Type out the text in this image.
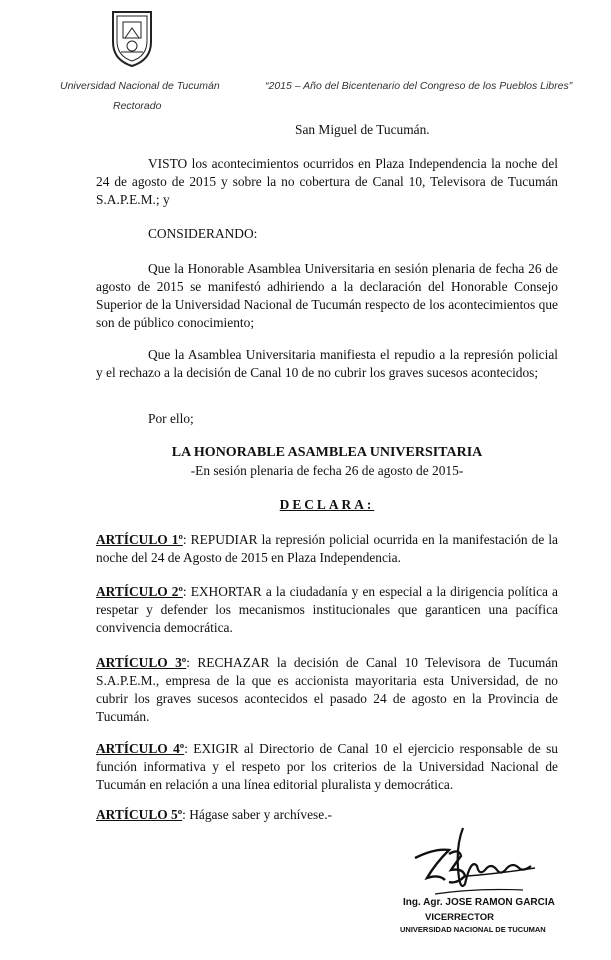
Universidad Nacional de Tucumán	“2015 – Año del Bicentenario del Congreso de los Pueblos Libres”
Rectorado
San Miguel de Tucumán.
VISTO los acontecimientos ocurridos en Plaza Independencia la noche del 24 de agosto de 2015 y sobre la no cobertura de Canal 10, Televisora de Tucumán S.A.P.E.M.; y
CONSIDERANDO:
Que la Honorable Asamblea Universitaria en sesión plenaria de fecha 26 de agosto de 2015 se manifestó adhiriendo a la declaración del Honorable Consejo Superior de la Universidad Nacional de Tucumán respecto de los acontecimientos que son de público conocimiento;
Que la Asamblea Universitaria manifiesta el repudio a la represión policial y el rechazo a la decisión de Canal 10 de no cubrir los graves sucesos acontecidos;
Por ello;
LA HONORABLE ASAMBLEA UNIVERSITARIA
-En sesión plenaria de fecha 26 de agosto de 2015-
DECLARA:
ARTÍCULO 1º: REPUDIAR la represión policial ocurrida en la manifestación de la noche del 24 de Agosto de 2015 en Plaza Independencia.
ARTÍCULO 2º: EXHORTAR a la ciudadanía y en especial a la dirigencia política a respetar y defender los mecanismos institucionales que garanticen una pacífica convivencia democrática.
ARTÍCULO 3º: RECHAZAR la decisión de Canal 10 Televisora de Tucumán S.A.P.E.M., empresa de la que es accionista mayoritaria esta Universidad, de no cubrir los graves sucesos acontecidos el pasado 24 de agosto en la Provincia de Tucumán.
ARTÍCULO 4º: EXIGIR al Directorio de Canal 10 el ejercicio responsable de su función informativa y el respeto por los criterios de la Universidad Nacional de Tucumán en relación a una línea editorial pluralista y democrática.
ARTÍCULO 5º: Hágase saber y archívese.-
Ing. Agr. JOSE RAMON GARCIA
VICERRECTOR
UNIVERSIDAD NACIONAL DE TUCUMAN
